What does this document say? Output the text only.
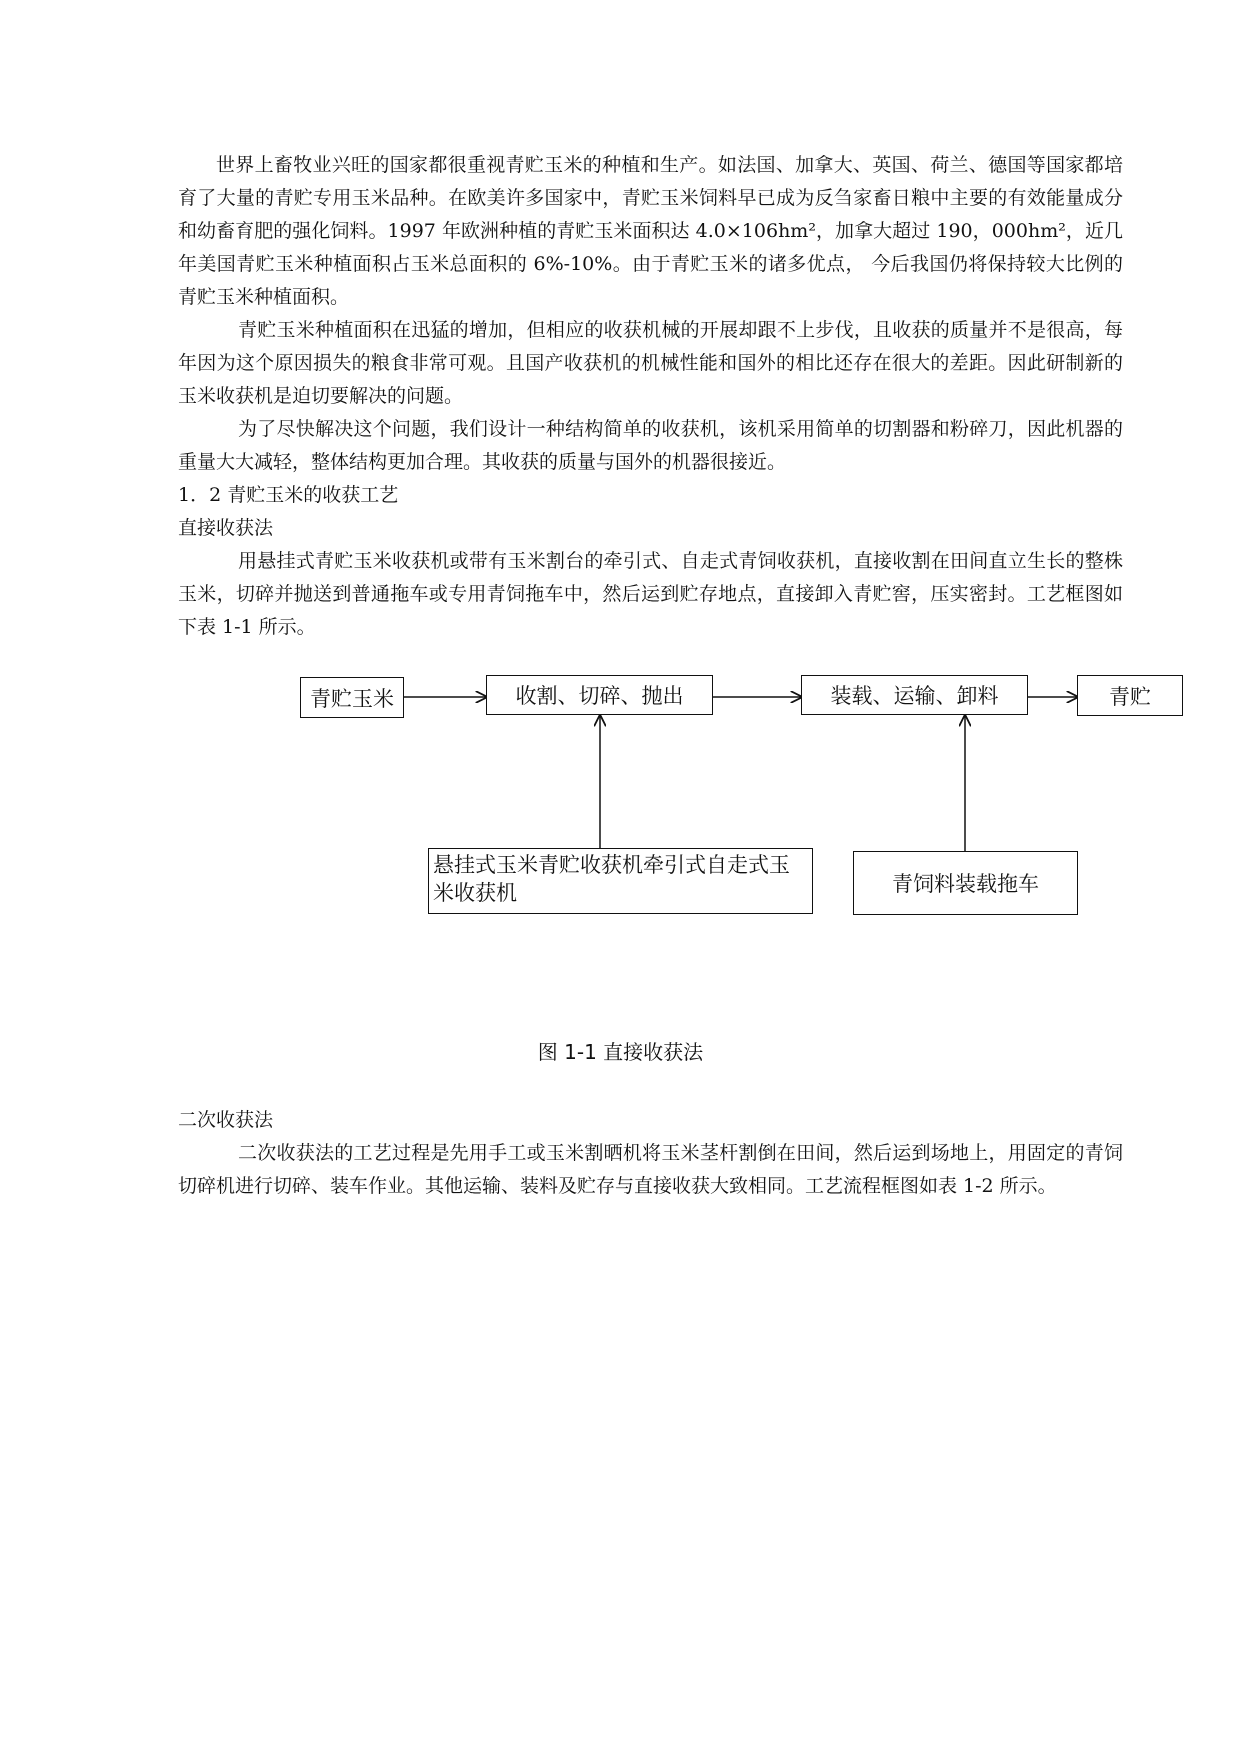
世界上畜牧业兴旺的国家都很重视青贮玉米的种植和生产。如法国、加拿大、英国、荷兰、德国等国家都培育了大量的青贮专用玉米品种。在欧美许多国家中，青贮玉米饲料早已成为反刍家畜日粮中主要的有效能量成分和幼畜育肥的强化饲料。1997 年欧洲种植的青贮玉米面积达 4.0×106hm²，加拿大超过 190，000hm²，近几年美国青贮玉米种植面积占玉米总面积的 6%-10%。由于青贮玉米的诸多优点， 今后我国仍将保持较大比例的青贮玉米种植面积。

青贮玉米种植面积在迅猛的增加，但相应的收获机械的开展却跟不上步伐，且收获的质量并不是很高，每年因为这个原因损失的粮食非常可观。且国产收获机的机械性能和国外的相比还存在很大的差距。因此研制新的玉米收获机是迫切要解决的问题。

为了尽快解决这个问题，我们设计一种结构简单的收获机，该机采用简单的切割器和粉碎刀，因此机器的重量大大减轻，整体结构更加合理。其收获的质量与国外的机器很接近。

1．2 青贮玉米的收获工艺

直接收获法

用悬挂式青贮玉米收获机或带有玉米割台的牵引式、自走式青饲收获机，直接收割在田间直立生长的整株玉米，切碎并抛送到普通拖车或专用青饲拖车中，然后运到贮存地点，直接卸入青贮窖，压实密封。工艺框图如下表 1-1 所示。

青贮玉米	收割、切碎、抛出	装载、运输、卸料	青贮
悬挂式玉米青贮收获机牵引式自走式玉
米收获机	青饲料装载拖车
图 1-1 直接收获法

二次收获法

二次收获法的工艺过程是先用手工或玉米割晒机将玉米茎杆割倒在田间，然后运到场地上，用固定的青饲切碎机进行切碎、装车作业。其他运输、装料及贮存与直接收获大致相同。工艺流程框图如表 1-2 所示。
